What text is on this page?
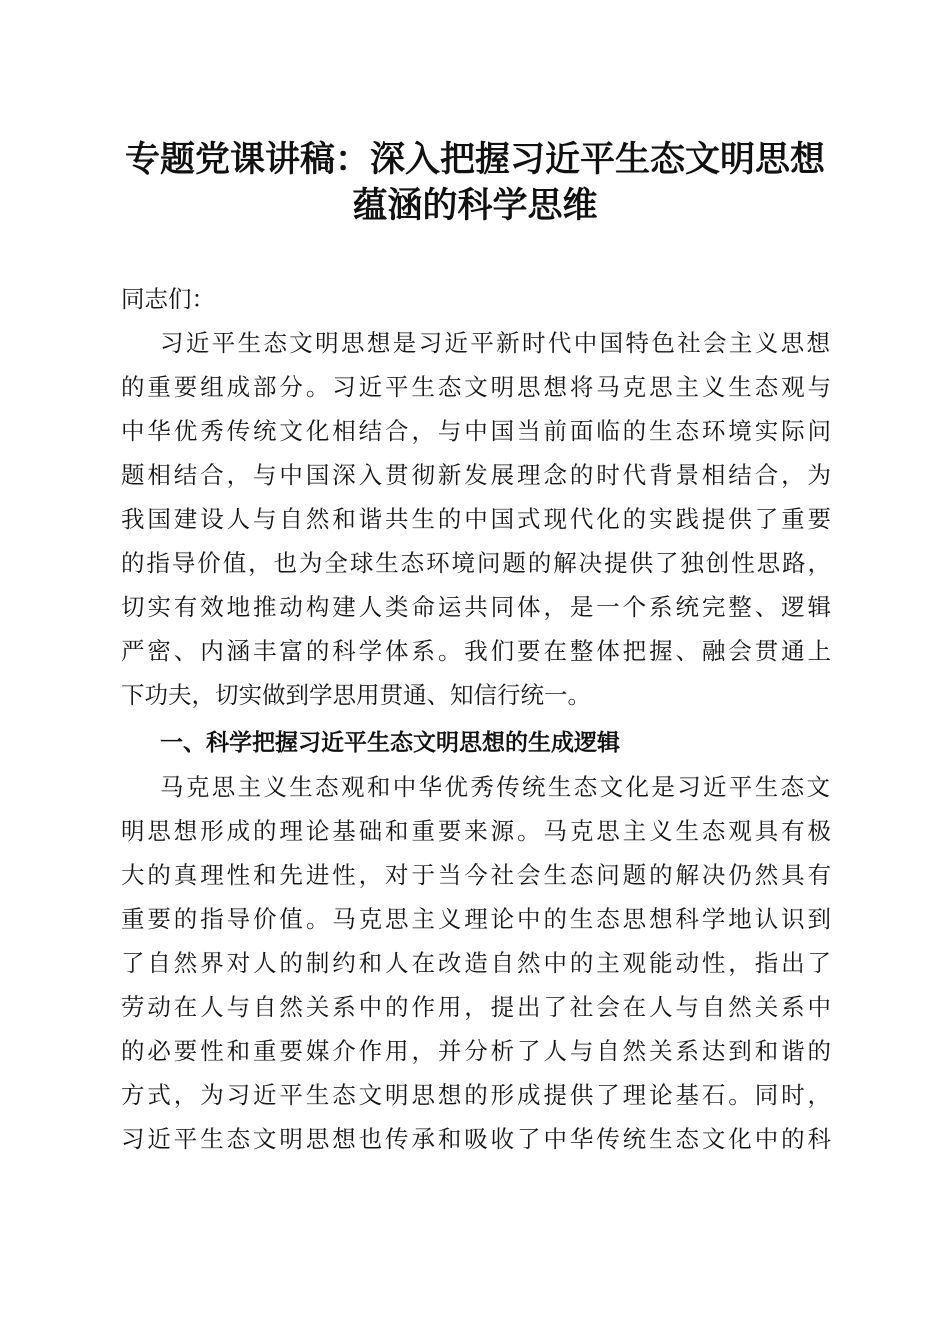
专题党课讲稿：深入把握习近平生态文明思想
蕴涵的科学思维
同志们：
习近平生态文明思想是习近平新时代中国特色社会主义思想
的重要组成部分。习近平生态文明思想将马克思主义生态观与
中华优秀传统文化相结合，与中国当前面临的生态环境实际问
题相结合，与中国深入贯彻新发展理念的时代背景相结合，为
我国建设人与自然和谐共生的中国式现代化的实践提供了重要
的指导价值，也为全球生态环境问题的解决提供了独创性思路，
切实有效地推动构建人类命运共同体，是一个系统完整、逻辑
严密、内涵丰富的科学体系。我们要在整体把握、融会贯通上
下功夫，切实做到学思用贯通、知信行统一。
一、科学把握习近平生态文明思想的生成逻辑
马克思主义生态观和中华优秀传统生态文化是习近平生态文
明思想形成的理论基础和重要来源。马克思主义生态观具有极
大的真理性和先进性，对于当今社会生态问题的解决仍然具有
重要的指导价值。马克思主义理论中的生态思想科学地认识到
了自然界对人的制约和人在改造自然中的主观能动性，指出了
劳动在人与自然关系中的作用，提出了社会在人与自然关系中
的必要性和重要媒介作用，并分析了人与自然关系达到和谐的
方式，为习近平生态文明思想的形成提供了理论基石。同时，
习近平生态文明思想也传承和吸收了中华传统生态文化中的科
